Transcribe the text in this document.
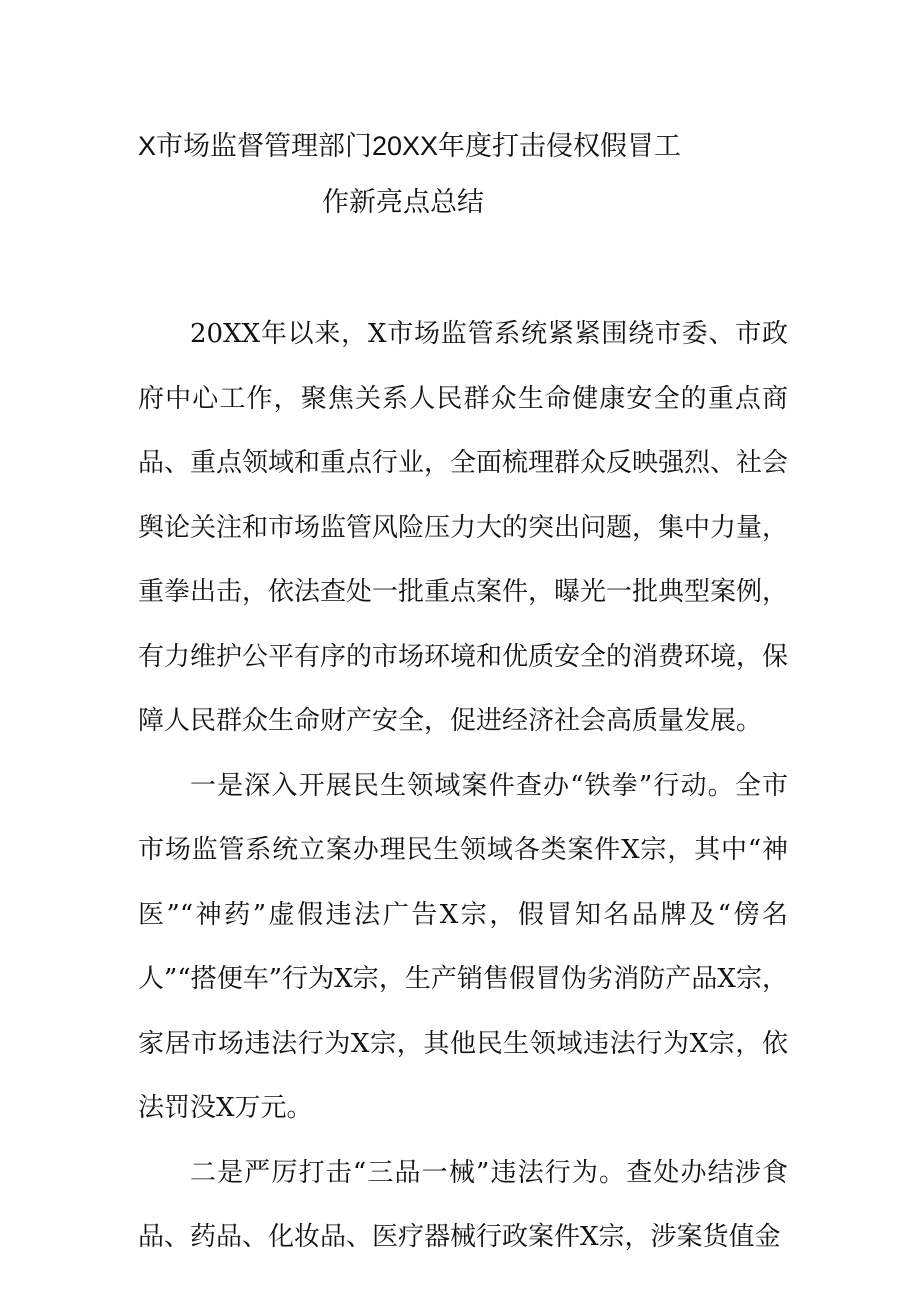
X市场监督管理部门20XX年度打击侵权假冒工
作新亮点总结

20XX年以来，X市场监管系统紧紧围绕市委、市政府中心工作，聚焦关系人民群众生命健康安全的重点商品、重点领域和重点行业，全面梳理群众反映强烈、社会舆论关注和市场监管风险压力大的突出问题，集中力量，重拳出击，依法查处一批重点案件，曝光一批典型案例，有力维护公平有序的市场环境和优质安全的消费环境，保障人民群众生命财产安全，促进经济社会高质量发展。

一是深入开展民生领域案件查办“铁拳”行动。全市市场监管系统立案办理民生领域各类案件X宗，其中“神医”“神药”虚假违法广告X宗，假冒知名品牌及“傍名人”“搭便车”行为X宗，生产销售假冒伪劣消防产品X宗，家居市场违法行为X宗，其他民生领域违法行为X宗，依法罚没X万元。

二是严厉打击“三品一械”违法行为。查处办结涉食品、药品、化妆品、医疗器械行政案件X宗，涉案货值金
